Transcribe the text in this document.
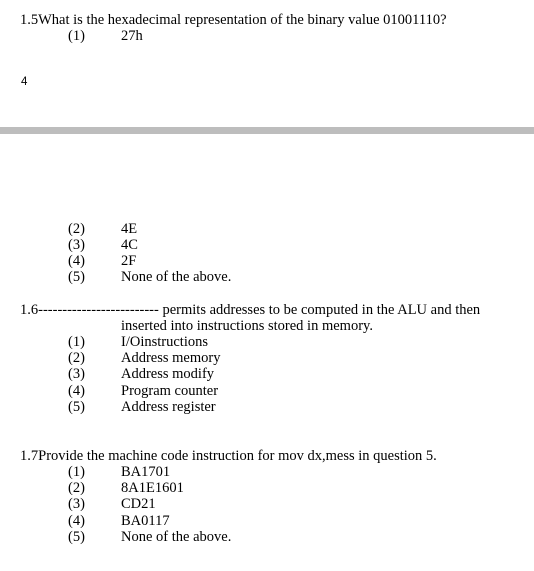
1.5What is the hexadecimal representation of the binary value 01001110?
(1) 27h
4
(2) 4E
(3) 4C
(4) 2F
(5) None of the above.
1.6------------------------- permits addresses to be computed in the ALU and then
inserted into instructions stored in memory.
(1) I/Oinstructions
(2) Address memory
(3) Address modify
(4) Program counter
(5) Address register
1.7Provide the machine code instruction for mov dx,mess in question 5.
(1) BA1701
(2) 8A1E1601
(3) CD21
(4) BA0117
(5) None of the above.
